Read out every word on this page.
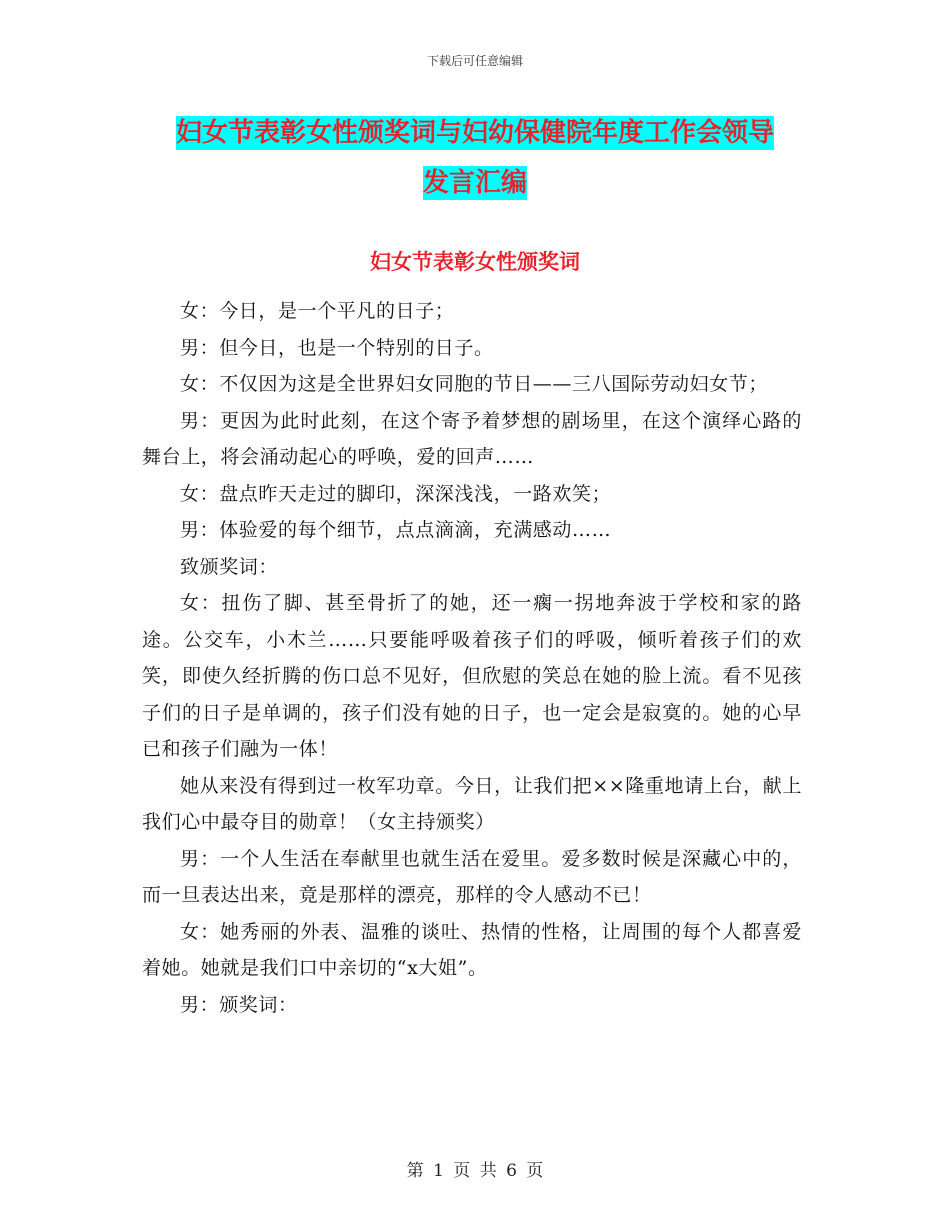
下载后可任意编辑
妇女节表彰女性颁奖词与妇幼保健院年度工作会领导
发言汇编
妇女节表彰女性颁奖词

女：今日，是一个平凡的日子；

男：但今日，也是一个特别的日子。

女：不仅因为这是全世界妇女同胞的节日——三八国际劳动妇女节；

男：更因为此时此刻，在这个寄予着梦想的剧场里，在这个演绎心路的舞台上，将会涌动起心的呼唤，爱的回声……

女：盘点昨天走过的脚印，深深浅浅，一路欢笑；

男：体验爱的每个细节，点点滴滴，充满感动……

致颁奖词：

女：扭伤了脚、甚至骨折了的她，还一瘸一拐地奔波于学校和家的路途。公交车，小木兰……只要能呼吸着孩子们的呼吸，倾听着孩子们的欢笑，即使久经折腾的伤口总不见好，但欣慰的笑总在她的脸上流。看不见孩子们的日子是单调的，孩子们没有她的日子，也一定会是寂寞的。她的心早已和孩子们融为一体！

她从来没有得到过一枚军功章。今日，让我们把××隆重地请上台，献上我们心中最夺目的勋章！（女主持颁奖）

男：一个人生活在奉献里也就生活在爱里。爱多数时候是深藏心中的，而一旦表达出来，竟是那样的漂亮，那样的令人感动不已！

女：她秀丽的外表、温雅的谈吐、热情的性格，让周围的每个人都喜爱着她。她就是我们口中亲切的“x大姐”。

男：颁奖词：

第 1 页 共 6 页
